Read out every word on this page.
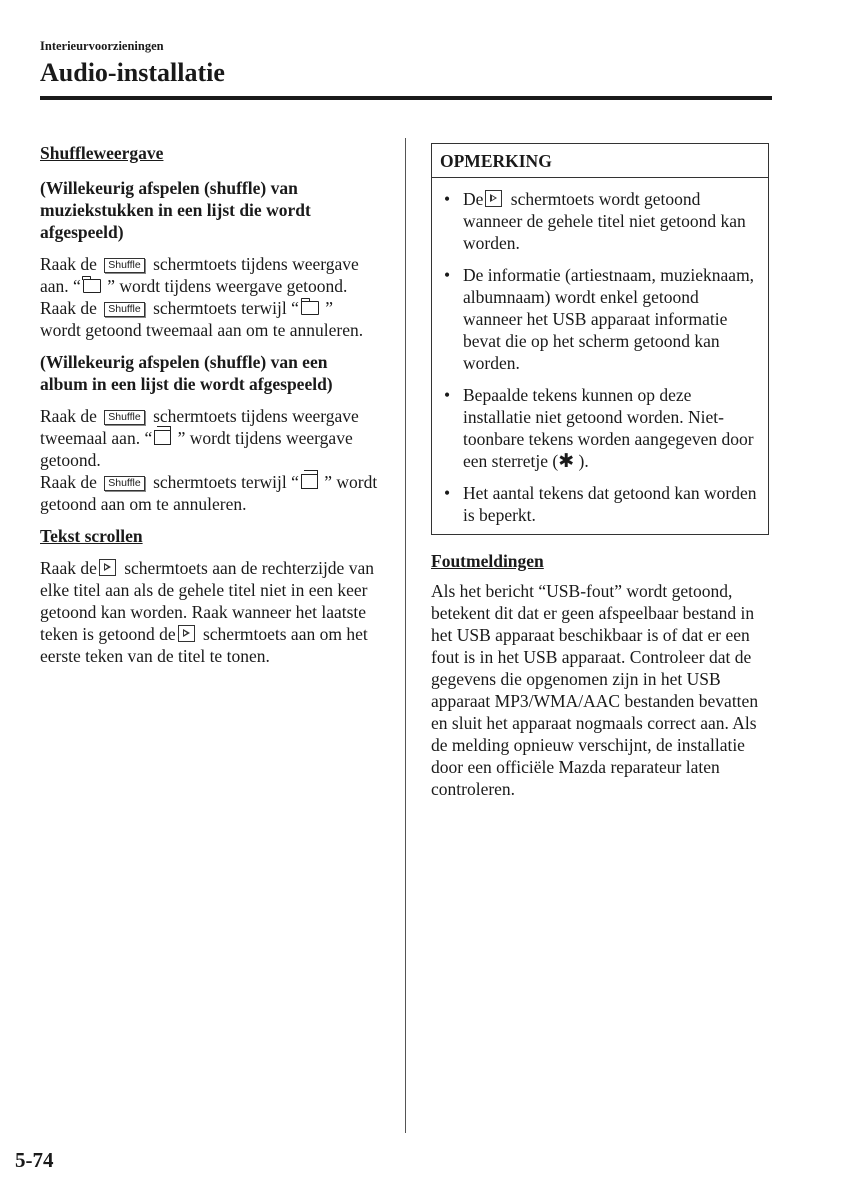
Interieurvoorzieningen
Audio-installatie

Shuffleweergave

(Willekeurig afspelen (shuffle) van muziekstukken in een lijst die wordt afgespeeld)

Raak de Shuffle schermtoets tijdens weergave aan. “ ” wordt tijdens weergave getoond.

Raak de Shuffle schermtoets terwijl “ ” wordt getoond tweemaal aan om te annuleren.

(Willekeurig afspelen (shuffle) van een album in een lijst die wordt afgespeeld)

Raak de Shuffle schermtoets tijdens weergave tweemaal aan. “ ” wordt tijdens weergave getoond.

Raak de Shuffle schermtoets terwijl “ ” wordt getoond aan om te annuleren.

Tekst scrollen

Raak de schermtoets aan de rechterzijde van elke titel aan als de gehele titel niet in een keer getoond kan worden. Raak wanneer het laatste teken is getoond de schermtoets aan om het eerste teken van de titel te tonen.

OPMERKING
• De schermtoets wordt getoond wanneer de gehele titel niet getoond kan worden.
• De informatie (artiestnaam, muzieknaam, albumnaam) wordt enkel getoond wanneer het USB apparaat informatie bevat die op het scherm getoond kan worden.
• Bepaalde tekens kunnen op deze installatie niet getoond worden. Niet-toonbare tekens worden aangegeven door een sterretje (✱ ).
• Het aantal tekens dat getoond kan worden is beperkt.

Foutmeldingen

Als het bericht “USB-fout” wordt getoond, betekent dit dat er geen afspeelbaar bestand in het USB apparaat beschikbaar is of dat er een fout is in het USB apparaat. Controleer dat de gegevens die opgenomen zijn in het USB apparaat MP3/WMA/AAC bestanden bevatten en sluit het apparaat nogmaals correct aan. Als de melding opnieuw verschijnt, de installatie door een officiële Mazda reparateur laten controleren.

5-74
